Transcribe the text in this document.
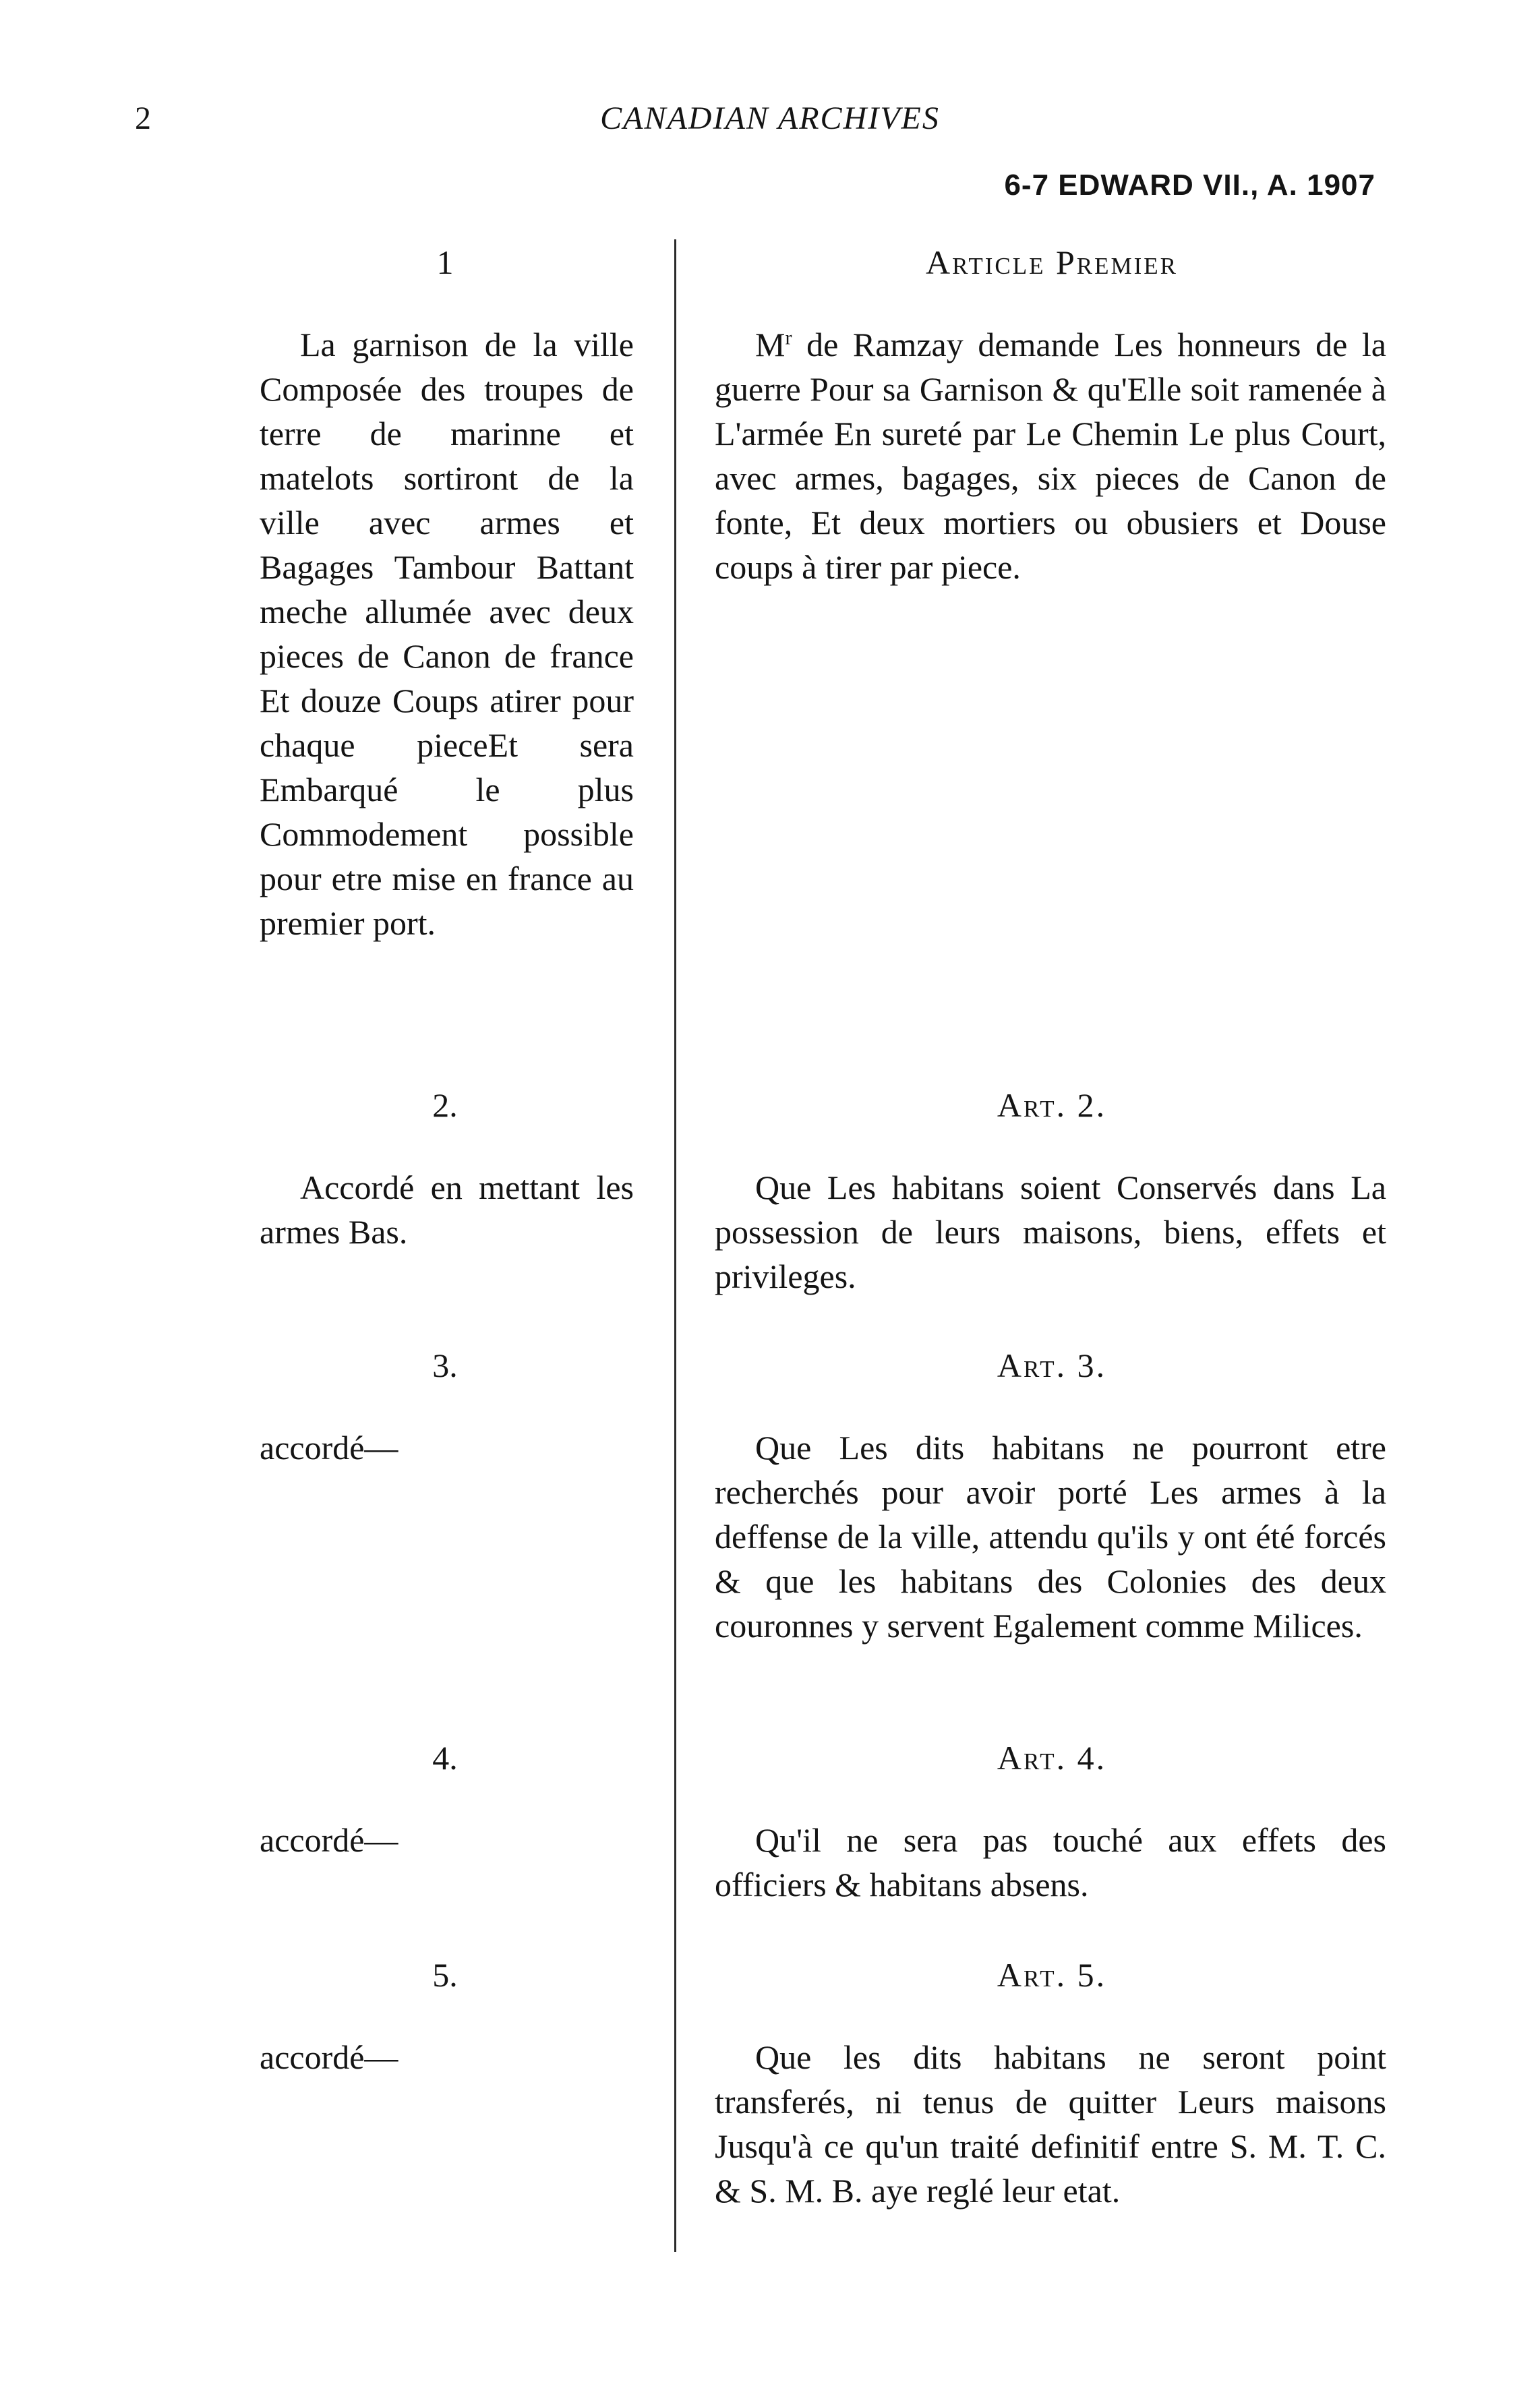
2	CANADIAN ARCHIVES
6-7 EDWARD VII., A. 1907
1
La garnison de la ville Composée des troupes de terre de marinne et matelots sortiront de la ville avec armes et Bagages Tambour Battant meche allumée avec deux pieces de Canon de france Et douze Coups atirer pour chaque pieceEt sera Embarqué le plus Commodement possible pour etre mise en france au premier port.
Article Premier
$M^r$ de Ramzay demande Les honneurs de la guerre Pour sa Garnison & qu'Elle soit ramenée à L'armée En sureté par Le Chemin Le plus Court, avec armes, bagages, six pieces de Canon de fonte, Et deux mortiers ou obusiers et Douse coups à tirer par piece.
2.
Accordé en mettant les armes Bas.
Art. 2.
Que Les habitans soient Conservés dans La possession de leurs maisons, biens, effets et privileges.
3.
accordé—
Art. 3.
Que Les dits habitans ne pourront etre recherchés pour avoir porté Les armes à la deffense de la ville, attendu qu'ils y ont été forcés & que les habitans des Colonies des deux couronnes y servent Egalement comme Milices.
4.
accordé—
Art. 4.
Qu'il ne sera pas touché aux effets des officiers & habitans absens.
5.
accordé—
Art. 5.
Que les dits habitans ne seront point transferés, ni tenus de quitter Leurs maisons Jusqu'à ce qu'un traité definitif entre S. M. T. C. & S. M. B. aye reglé leur etat.
